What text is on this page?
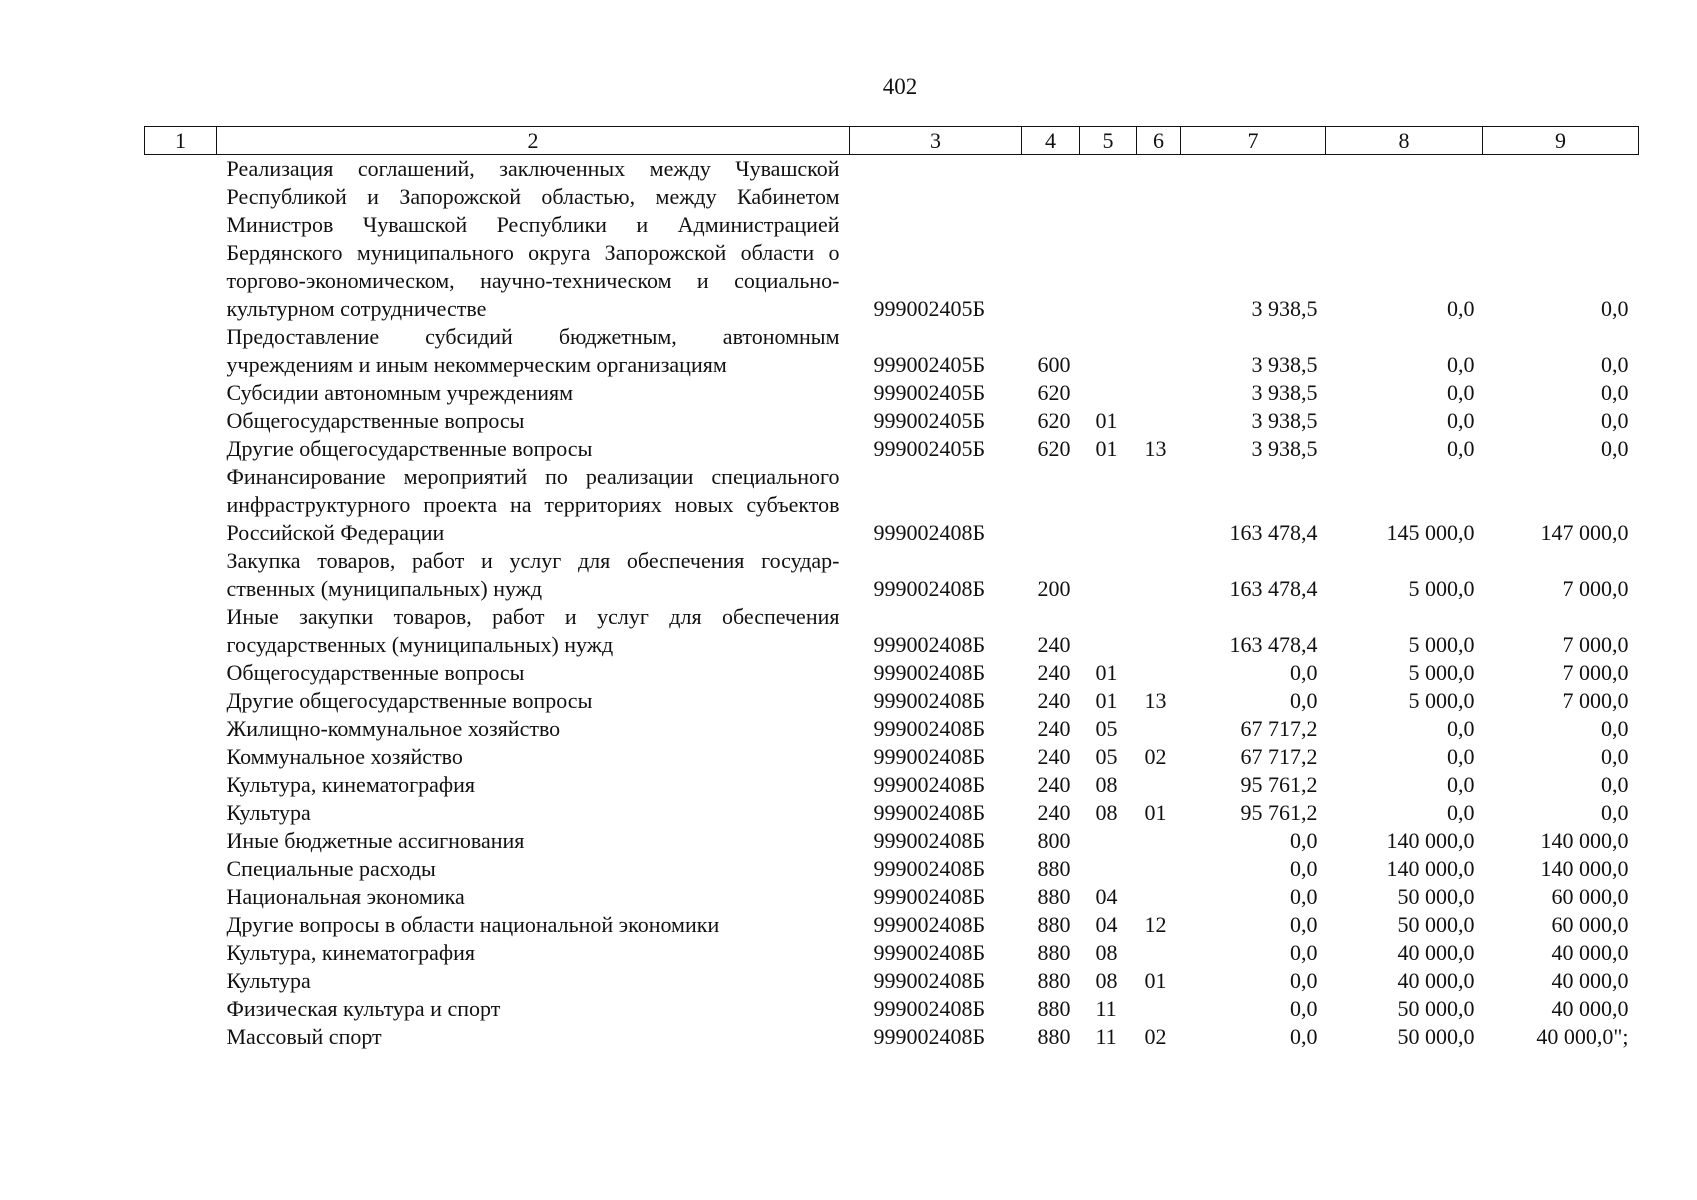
402
1	2	3	4	5	6	7	8	9
	Реализация соглашений, заключенных между Чувашской Республикой и Запорожской областью, между Кабинетом Министров Чувашской Республики и Администрацией Бердянского муниципального округа Запорожской области о торгово-экономическом, научно-техническом и социально-культурном сотрудничестве	999002405Б				3 938,5	0,0	0,0
	Предоставление субсидий бюджетным, автономным учреждениям и иным некоммерческим организациям	999002405Б	600			3 938,5	0,0	0,0
	Субсидии автономным учреждениям	999002405Б	620			3 938,5	0,0	0,0
	Общегосударственные вопросы	999002405Б	620	01		3 938,5	0,0	0,0
	Другие общегосударственные вопросы	999002405Б	620	01	13	3 938,5	0,0	0,0
	Финансирование мероприятий по реализации специального инфраструктурного проекта на территориях новых субъектов Российской Федерации	999002408Б				163 478,4	145 000,0	147 000,0
	Закупка товаров, работ и услуг для обеспечения государственных (муниципальных) нужд	999002408Б	200			163 478,4	5 000,0	7 000,0
	Иные закупки товаров, работ и услуг для обеспечения государственных (муниципальных) нужд	999002408Б	240			163 478,4	5 000,0	7 000,0
	Общегосударственные вопросы	999002408Б	240	01		0,0	5 000,0	7 000,0
	Другие общегосударственные вопросы	999002408Б	240	01	13	0,0	5 000,0	7 000,0
	Жилищно-коммунальное хозяйство	999002408Б	240	05		67 717,2	0,0	0,0
	Коммунальное хозяйство	999002408Б	240	05	02	67 717,2	0,0	0,0
	Культура, кинематография	999002408Б	240	08		95 761,2	0,0	0,0
	Культура	999002408Б	240	08	01	95 761,2	0,0	0,0
	Иные бюджетные ассигнования	999002408Б	800			0,0	140 000,0	140 000,0
	Специальные расходы	999002408Б	880			0,0	140 000,0	140 000,0
	Национальная экономика	999002408Б	880	04		0,0	50 000,0	60 000,0
	Другие вопросы в области национальной экономики	999002408Б	880	04	12	0,0	50 000,0	60 000,0
	Культура, кинематография	999002408Б	880	08		0,0	40 000,0	40 000,0
	Культура	999002408Б	880	08	01	0,0	40 000,0	40 000,0
	Физическая культура и спорт	999002408Б	880	11		0,0	50 000,0	40 000,0
	Массовый спорт	999002408Б	880	11	02	0,0	50 000,0	40 000,0";
